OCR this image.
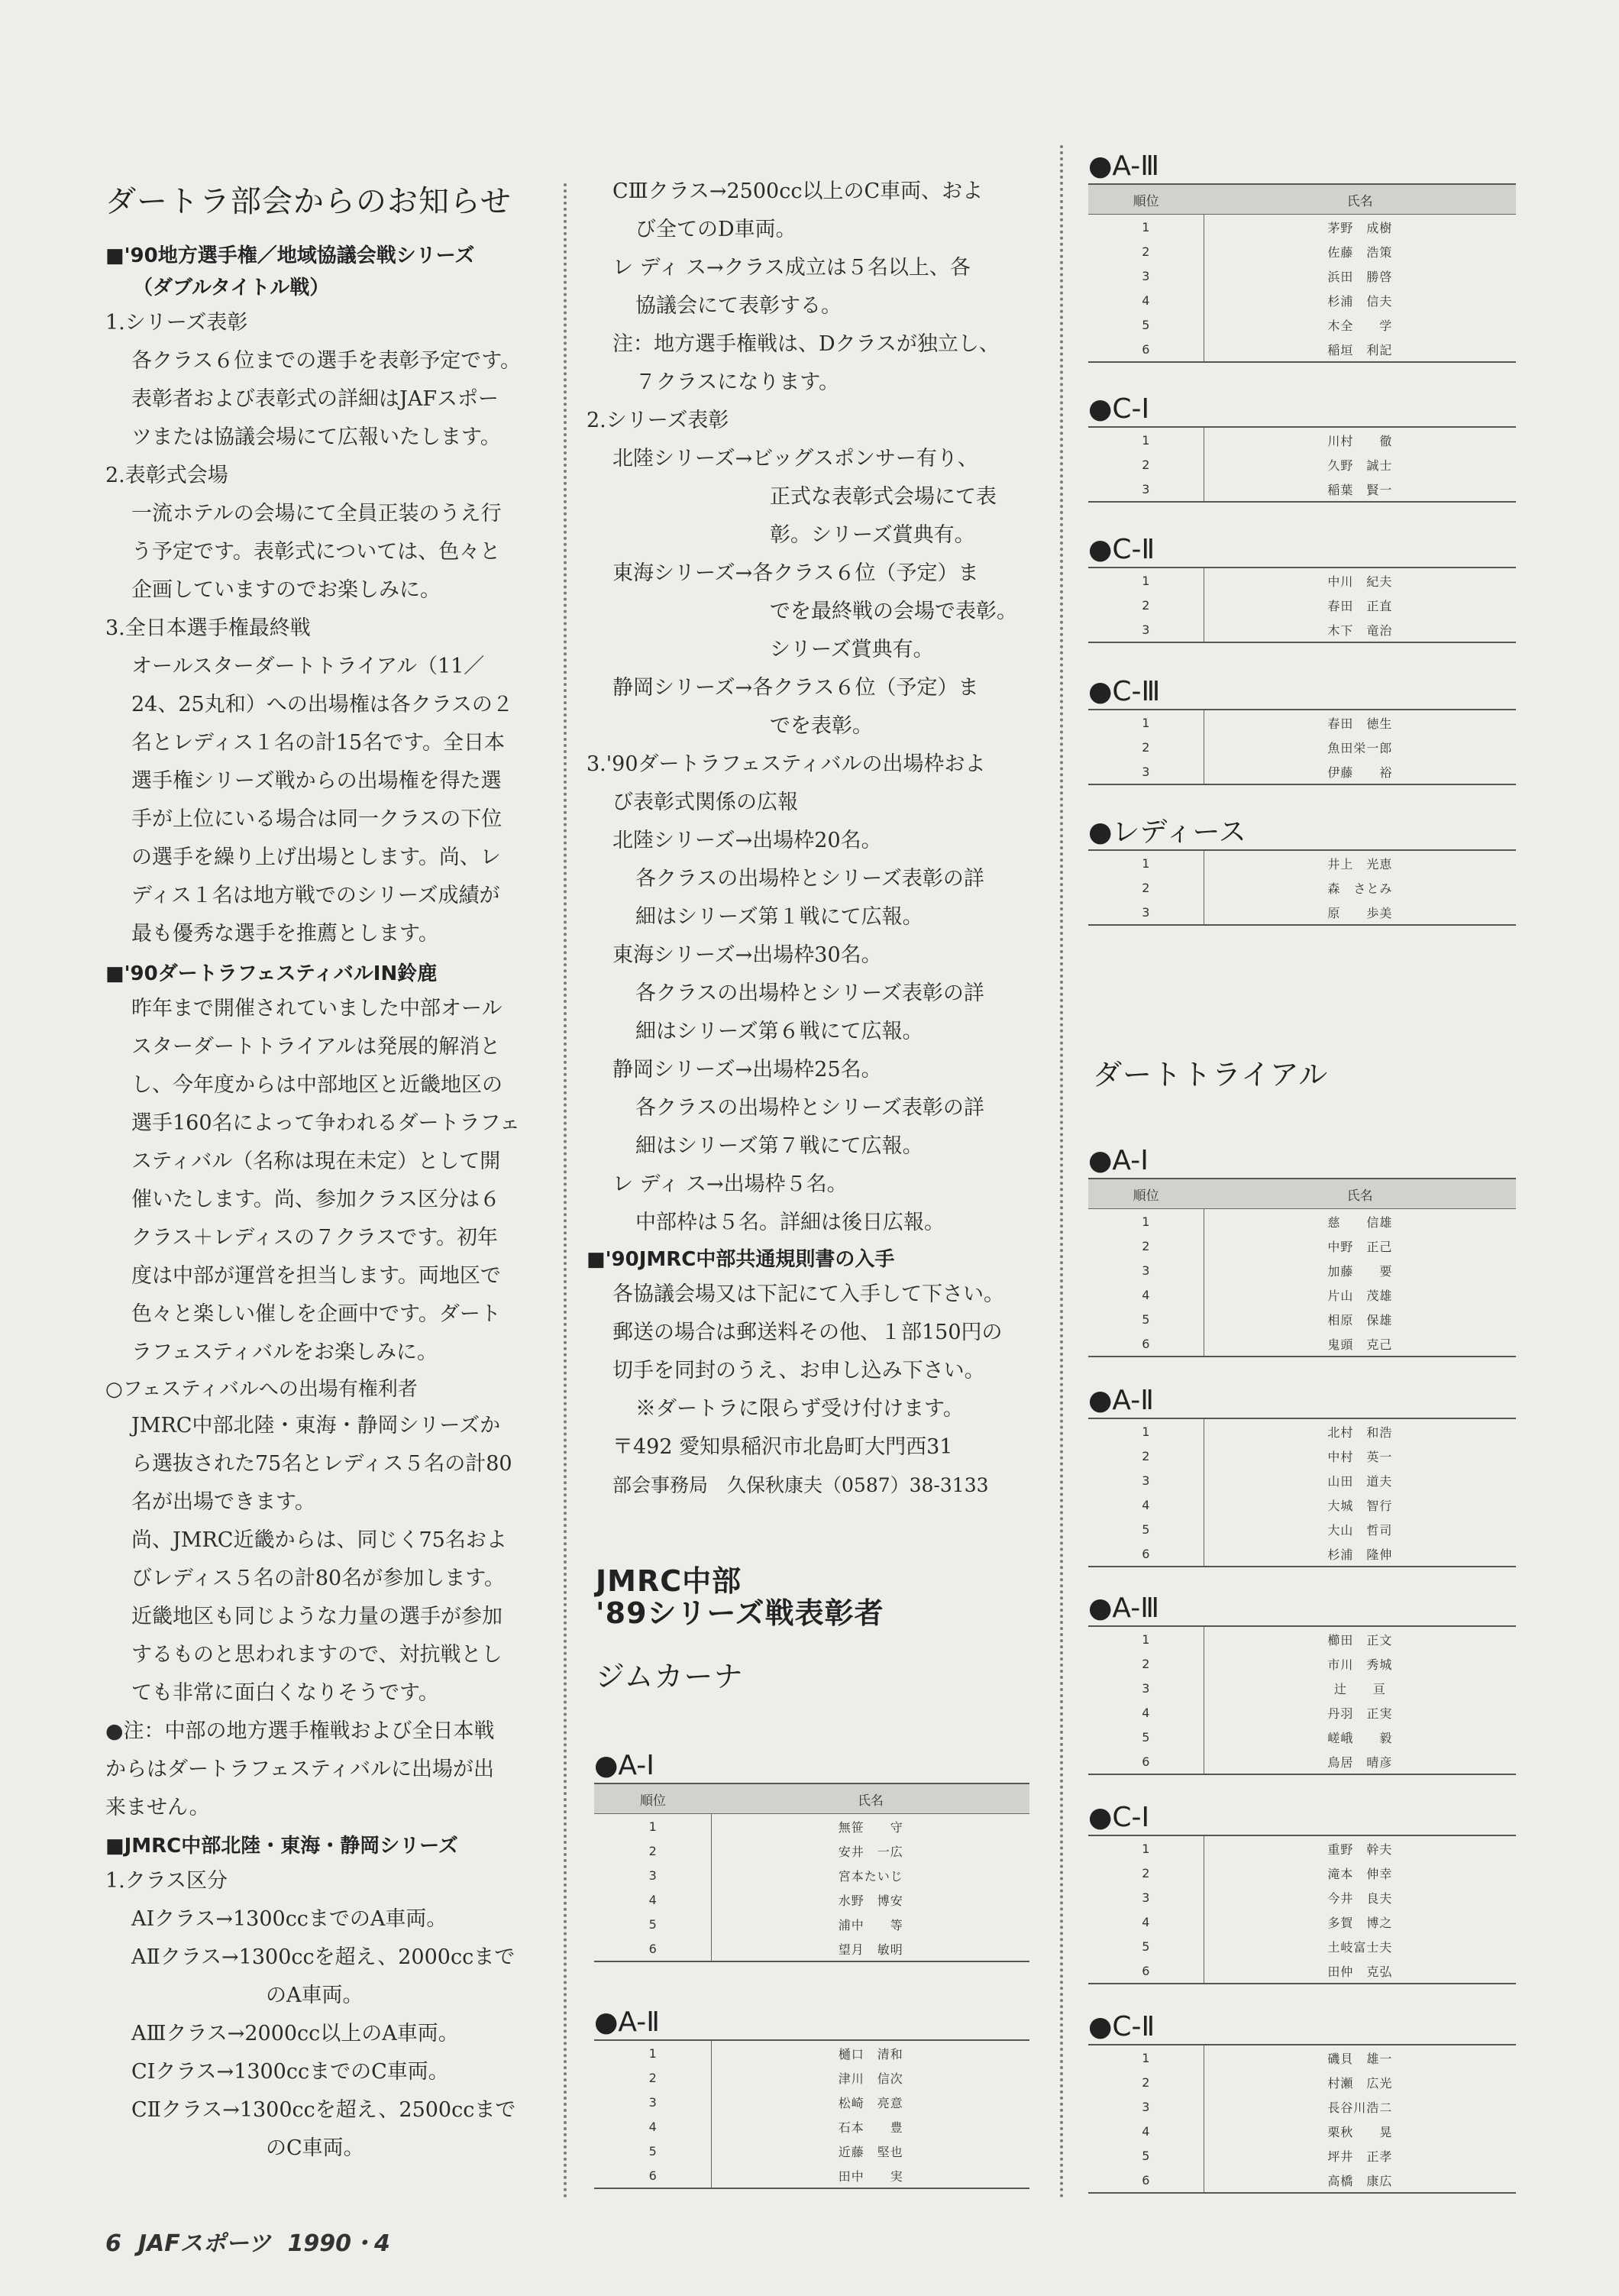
ダートラ部会からのお知らせ
■'90地方選手権／地域協議会戦シリーズ
（ダブルタイトル戦）
1.シリーズ表彰
各クラス６位までの選手を表彰予定です。
表彰者および表彰式の詳細はJAFスポー
ツまたは協議会場にて広報いたします。
2.表彰式会場
一流ホテルの会場にて全員正装のうえ行
う予定です。表彰式については、色々と
企画していますのでお楽しみに。
3.全日本選手権最終戦
オールスターダートトライアル（11／
24、25丸和）への出場権は各クラスの２
名とレディス１名の計15名です。全日本
選手権シリーズ戦からの出場権を得た選
手が上位にいる場合は同一クラスの下位
の選手を繰り上げ出場とします。尚、レ
ディス１名は地方戦でのシリーズ成績が
最も優秀な選手を推薦とします。
■'90ダートラフェスティバルIN鈴鹿
昨年まで開催されていました中部オール
スターダートトライアルは発展的解消と
し、今年度からは中部地区と近畿地区の
選手160名によって争われるダートラフェ
スティバル（名称は現在未定）として開
催いたします。尚、参加クラス区分は６
クラス＋レディスの７クラスです。初年
度は中部が運営を担当します。両地区で
色々と楽しい催しを企画中です。ダート
ラフェスティバルをお楽しみに。
○フェスティバルへの出場有権利者
JMRC中部北陸・東海・静岡シリーズか
ら選抜された75名とレディス５名の計80
名が出場できます。
尚、JMRC近畿からは、同じく75名およ
びレディス５名の計80名が参加します。
近畿地区も同じような力量の選手が参加
するものと思われますので、対抗戦とし
ても非常に面白くなりそうです。
●注：中部の地方選手権戦および全日本戦
からはダートラフェスティバルに出場が出
来ません。
■JMRC中部北陸・東海・静岡シリーズ
1.クラス区分
AⅠクラス→1300ccまでのA車両。
AⅡクラス→1300ccを超え、2000ccまで
のA車両。
AⅢクラス→2000cc以上のA車両。
CⅠクラス→1300ccまでのC車両。
CⅡクラス→1300ccを超え、2500ccまで
のC車両。
CⅢクラス→2500cc以上のC車両、およ
び全てのD車両。
レ ディ ス→クラス成立は５名以上、各
協議会にて表彰する。
注：地方選手権戦は、Dクラスが独立し、
７クラスになります。
2.シリーズ表彰
北陸シリーズ→ビッグスポンサー有り、
正式な表彰式会場にて表
彰。シリーズ賞典有。
東海シリーズ→各クラス６位（予定）ま
でを最終戦の会場で表彰。
シリーズ賞典有。
静岡シリーズ→各クラス６位（予定）ま
でを表彰。
3.'90ダートラフェスティバルの出場枠およ
び表彰式関係の広報
北陸シリーズ→出場枠20名。
各クラスの出場枠とシリーズ表彰の詳
細はシリーズ第１戦にて広報。
東海シリーズ→出場枠30名。
各クラスの出場枠とシリーズ表彰の詳
細はシリーズ第６戦にて広報。
静岡シリーズ→出場枠25名。
各クラスの出場枠とシリーズ表彰の詳
細はシリーズ第７戦にて広報。
レ ディ ス→出場枠５名。
中部枠は５名。詳細は後日広報。
■'90JMRC中部共通規則書の入手
各協議会場又は下記にて入手して下さい。
郵送の場合は郵送料その他、１部150円の
切手を同封のうえ、お申し込み下さい。
※ダートラに限らず受け付けます。
〒492 愛知県稲沢市北島町大門西31
部会事務局　久保秋康夫（0587）38-3133
JMRC中部
'89シリーズ戦表彰者
ジムカーナ
●A-Ⅰ
順位	氏名
1	無笹　　守
2	安井　一広
3	宮本たいじ
4	水野　博安
5	浦中　　等
6	望月　敏明
●A-Ⅱ
1	樋口　清和
2	津川　信次
3	松崎　亮意
4	石本　　豊
5	近藤　堅也
6	田中　　実
●A-Ⅲ
順位	氏名
1	茅野　成樹
2	佐藤　浩策
3	浜田　勝啓
4	杉浦　信夫
5	木全　　学
6	稲垣　利記
●C-Ⅰ
1	川村　　徹
2	久野　誠士
3	稲葉　賢一
●C-Ⅱ
1	中川　紀夫
2	春田　正直
3	木下　竜治
●C-Ⅲ
1	春田　徳生
2	魚田栄一郎
3	伊藤　　裕
●レディース
1	井上　光恵
2	森　さとみ
3	原　　歩美
ダートトライアル
●A-Ⅰ
順位	氏名
1	慈　　信雄
2	中野　正己
3	加藤　　要
4	片山　茂雄
5	相原　保雄
6	鬼頭　克己
●A-Ⅱ
1	北村　和浩
2	中村　英一
3	山田　道夫
4	大城　智行
5	大山　哲司
6	杉浦　隆伸
●A-Ⅲ
1	櫛田　正文
2	市川　秀城
3	辻　　亘
4	丹羽　正実
5	嵯峨　　毅
6	鳥居　晴彦
●C-Ⅰ
1	重野　幹夫
2	滝本　伸幸
3	今井　良夫
4	多賀　博之
5	土岐富士夫
6	田仲　克弘
●C-Ⅱ
1	磯貝　雄一
2	村瀬　広光
3	長谷川浩二
4	栗秋　　晃
5	坪井　正孝
6	高橋　康広
6 JAFスポーツ 1990・4
